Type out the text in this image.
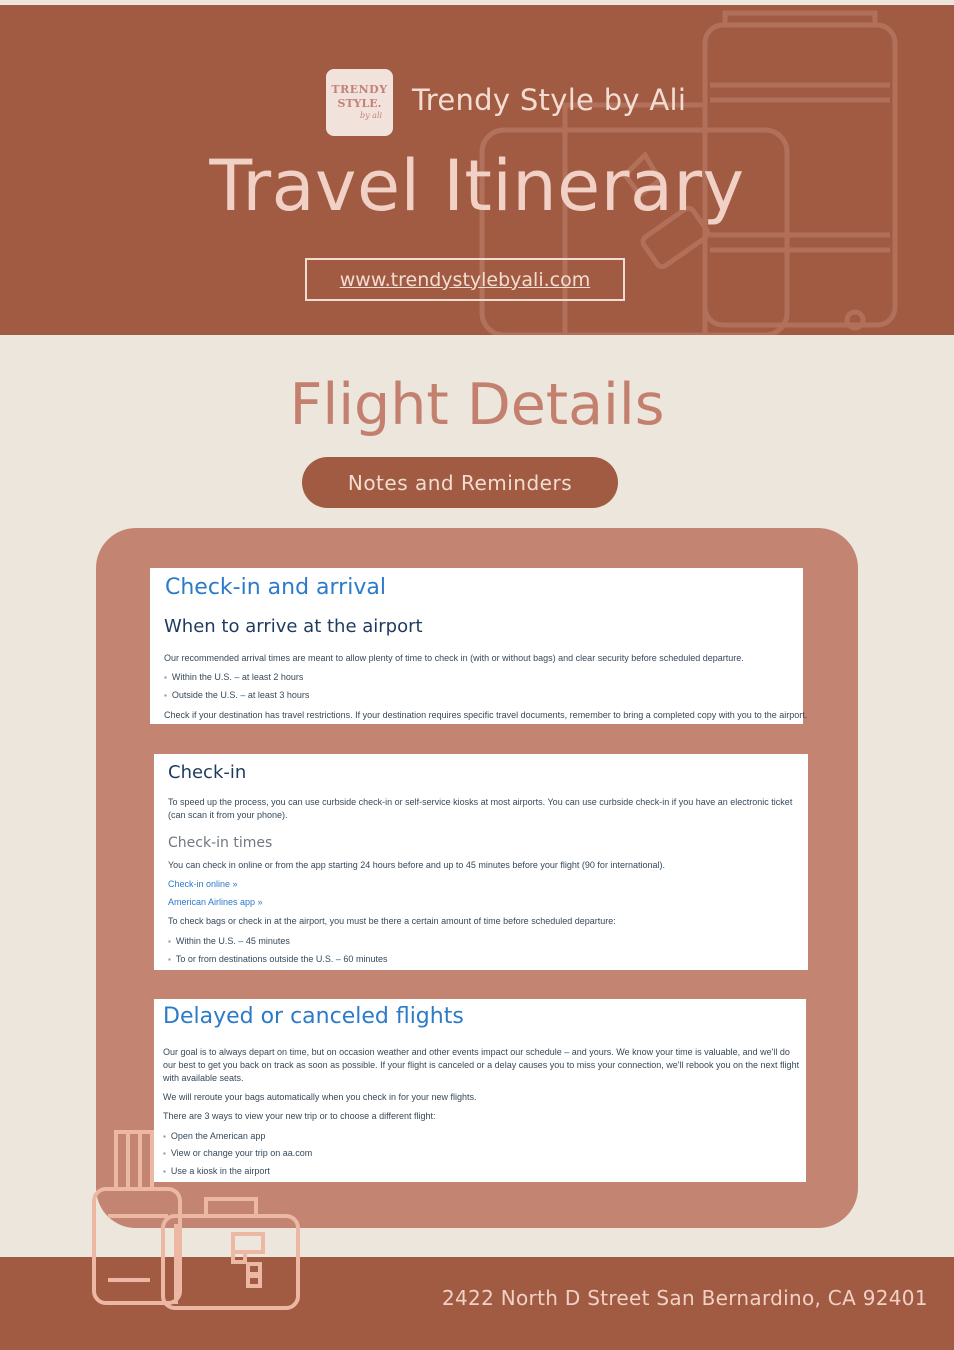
TRENDY
STYLE.
by ali Trendy Style by Ali
Travel Itinerary
www.trendystylebyali.com
Flight Details
Notes and Reminders
Check-in and arrival
When to arrive at the airport
Our recommended arrival times are meant to allow plenty of time to check in (with or without bags) and clear security before scheduled departure.
▪ Within the U.S. – at least 2 hours
▪ Outside the U.S. – at least 3 hours
Check if your destination has travel restrictions. If your destination requires specific travel documents, remember to bring a completed copy with you to the airport.
Check-in
To speed up the process, you can use curbside check-in or self-service kiosks at most airports. You can use curbside check-in if you have an electronic ticket (can scan it from your phone).
Check-in times
You can check in online or from the app starting 24 hours before and up to 45 minutes before your flight (90 for international).
Check-in online »
American Airlines app »
To check bags or check in at the airport, you must be there a certain amount of time before scheduled departure:
▪ Within the U.S. – 45 minutes
▪ To or from destinations outside the U.S. – 60 minutes
Delayed or canceled flights
Our goal is to always depart on time, but on occasion weather and other events impact our schedule – and yours. We know your time is valuable, and we'll do our best to get you back on track as soon as possible. If your flight is canceled or a delay causes you to miss your connection, we'll rebook you on the next flight with available seats.
We will reroute your bags automatically when you check in for your new flights.
There are 3 ways to view your new trip or to choose a different flight:
▪ Open the American app
▪ View or change your trip on aa.com
▪ Use a kiosk in the airport
2422 North D Street San Bernardino, CA 92401
